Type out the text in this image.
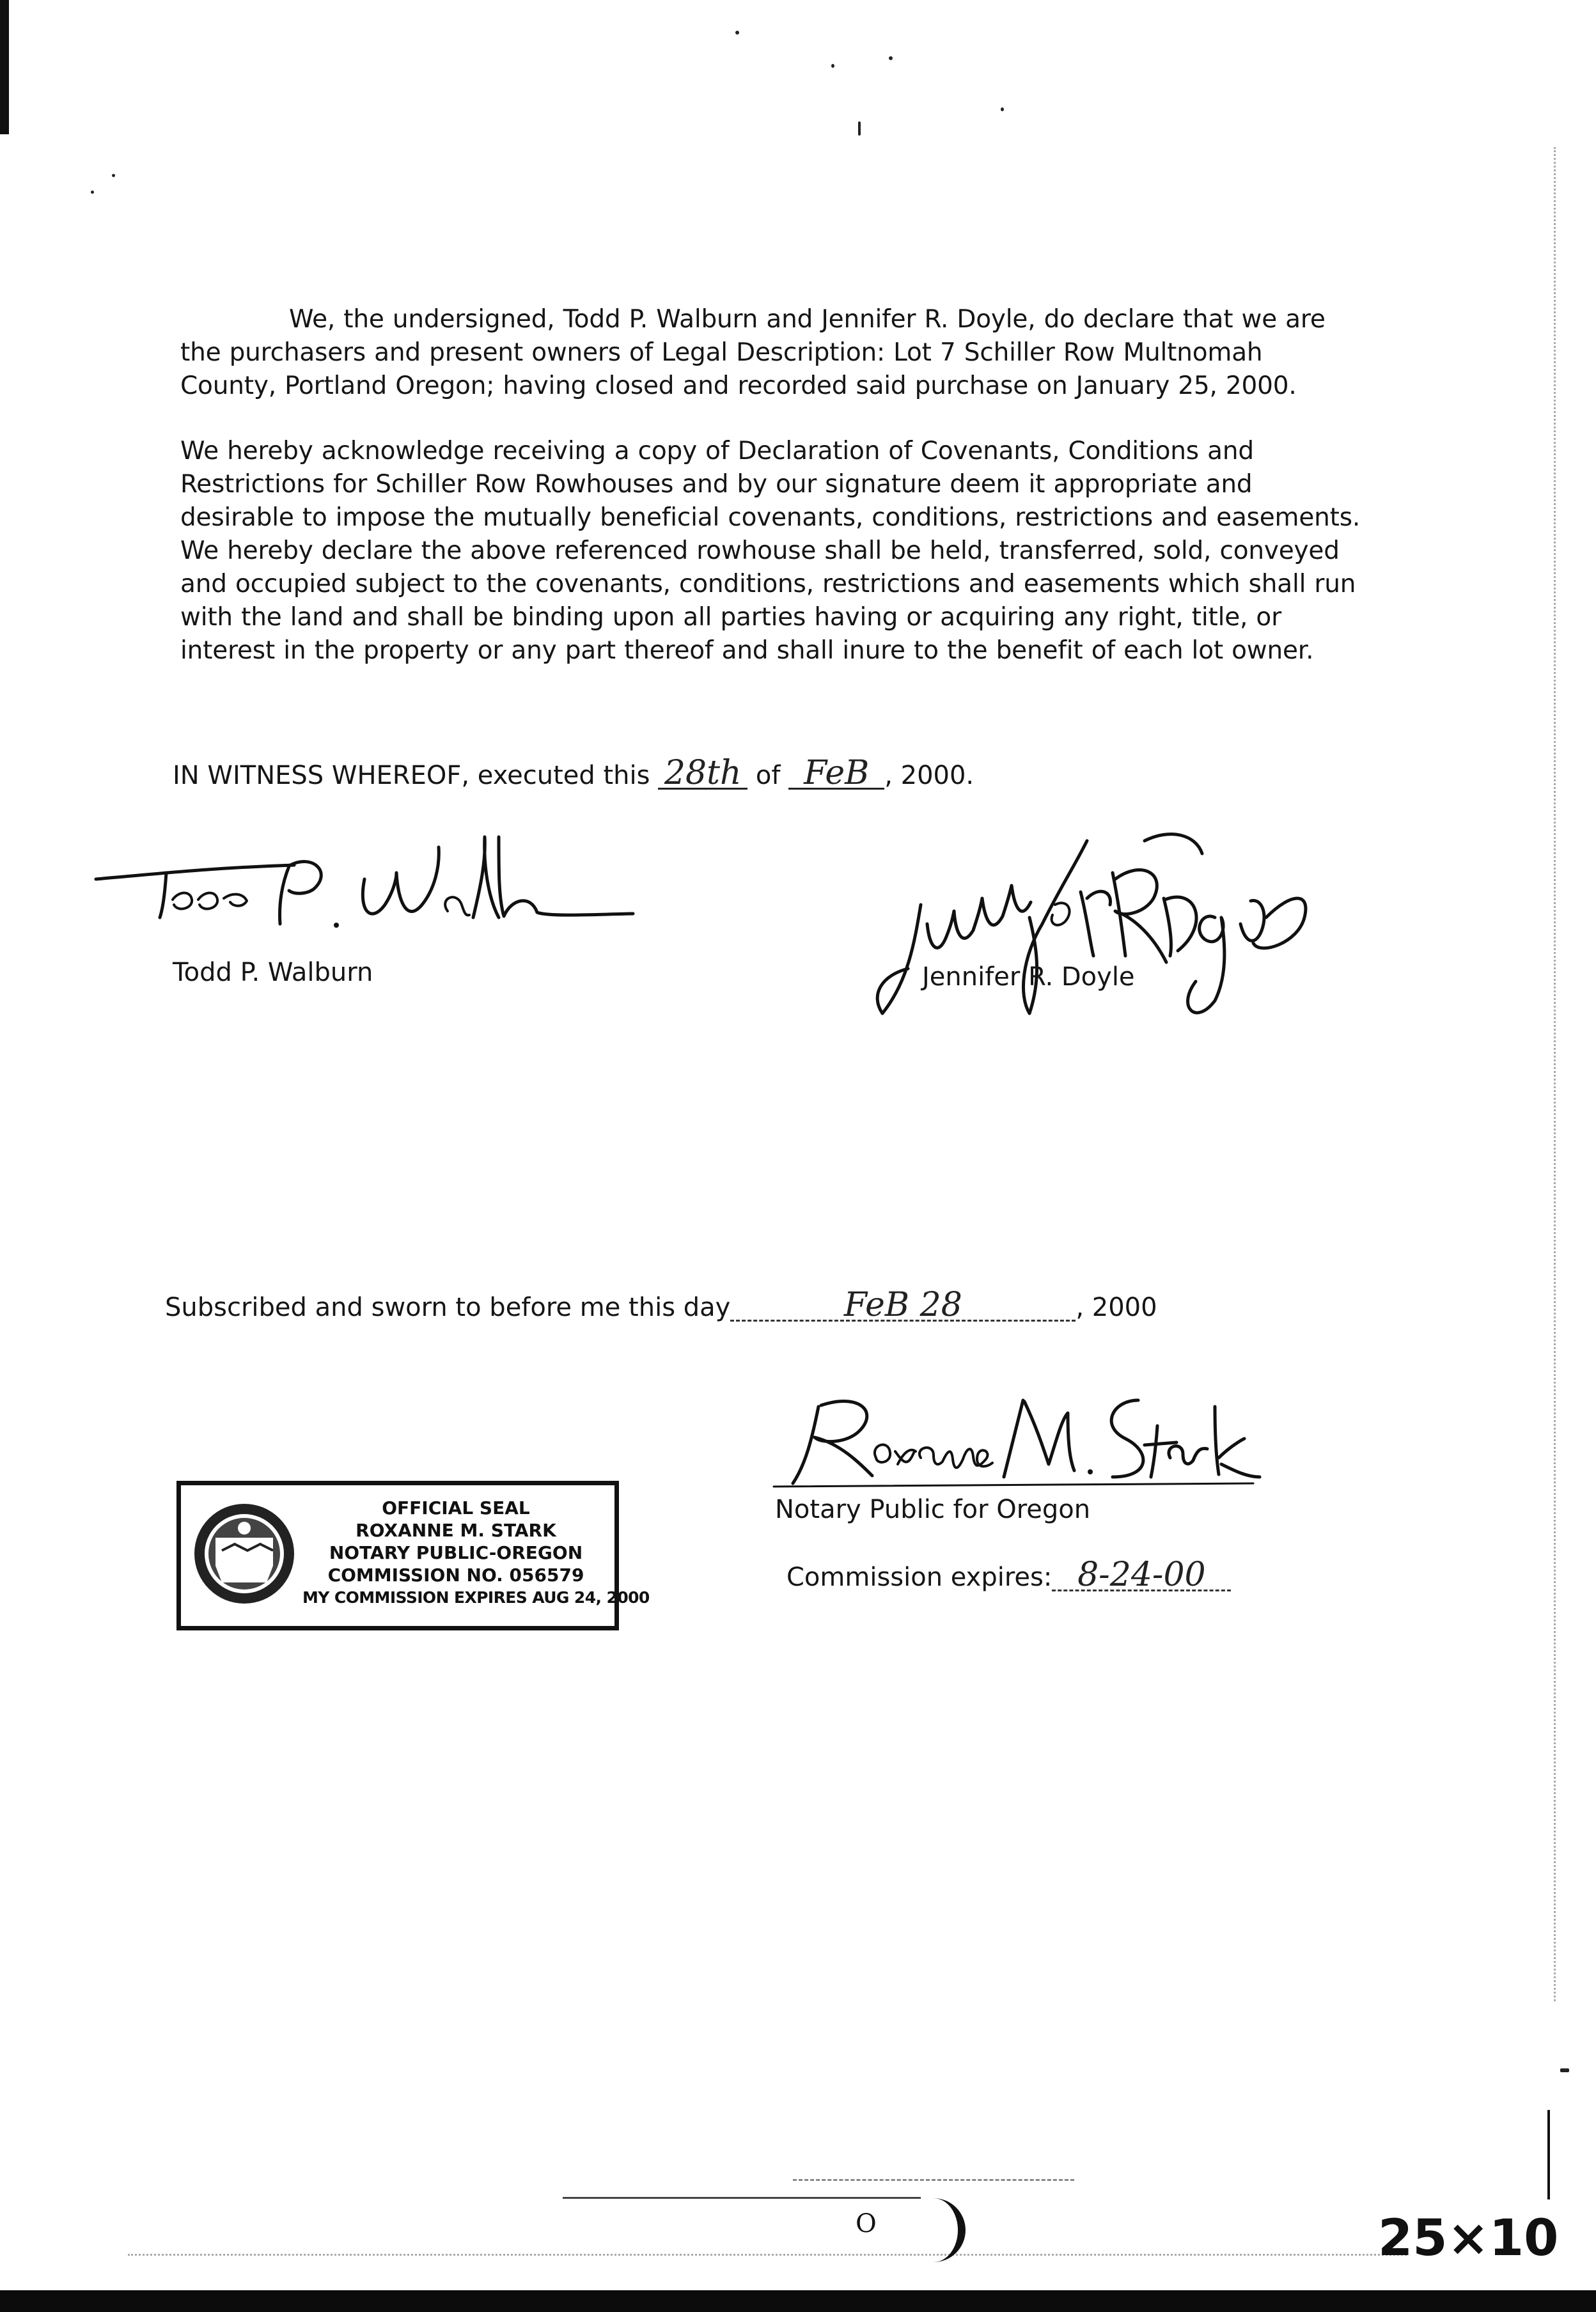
We, the undersigned, Todd P. Walburn and Jennifer R. Doyle, do declare that we are the purchasers and present owners of Legal Description: Lot 7 Schiller Row Multnomah County, Portland Oregon; having closed and recorded said purchase on January 25, 2000.

We hereby acknowledge receiving a copy of Declaration of Covenants, Conditions and Restrictions for Schiller Row Rowhouses and by our signature deem it appropriate and desirable to impose the mutually beneficial covenants, conditions, restrictions and easements. We hereby declare the above referenced rowhouse shall be held, transferred, sold, conveyed and occupied subject to the covenants, conditions, restrictions and easements which shall run with the land and shall be binding upon all parties having or acquiring any right, title, or interest in the property or any part thereof and shall inure to the benefit of each lot owner.

IN WITNESS WHEREOF, executed this 28th of FeB , 2000.
Todd P. Walburn	Jennifer R. Doyle
Subscribed and sworn to before me this day	FeB 28	, 2000
Notary Public for Oregon
Commission expires: 8-24-00
OFFICIAL SEAL
ROXANNE M. STARK
NOTARY PUBLIC-OREGON
COMMISSION NO. 056579
MY COMMISSION EXPIRES AUG 24, 2000
O	25×10
